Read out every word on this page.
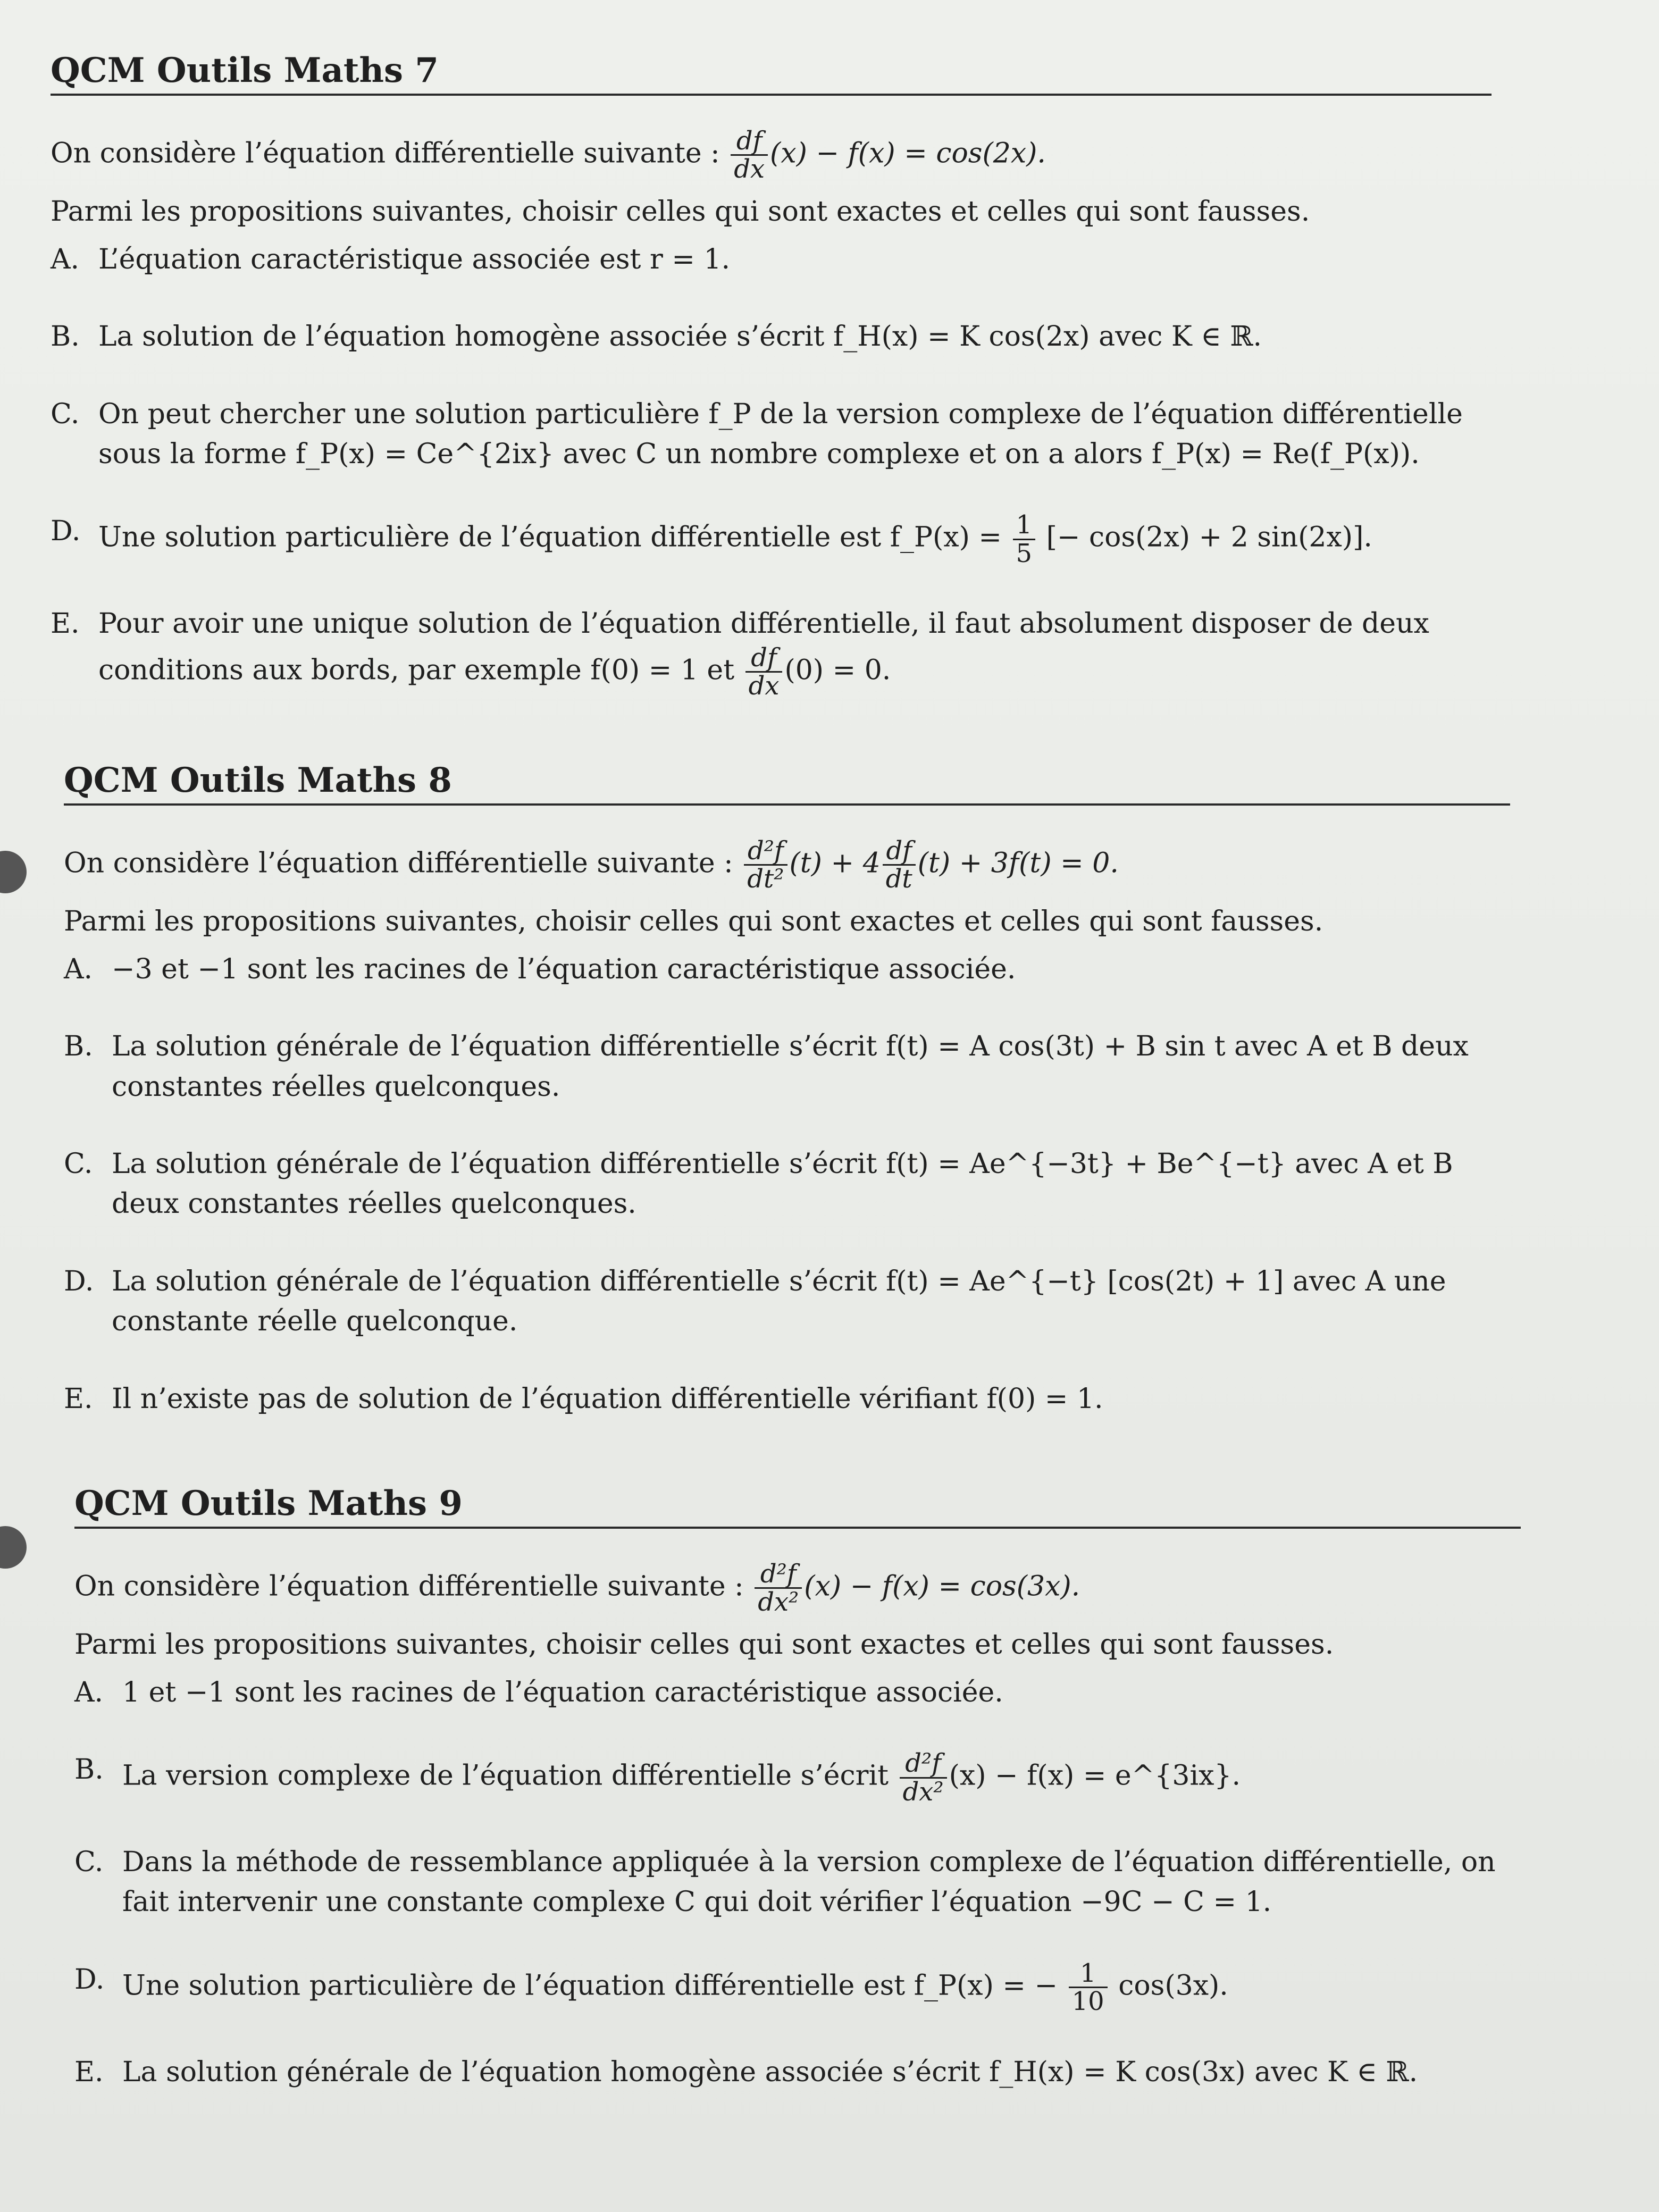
QCM Outils Maths 7
On considère l’équation différentielle suivante : $\frac{df}{dx} (x) - f(x) = \cos(2x)$.
Parmi les propositions suivantes, choisir celles qui sont exactes et celles qui sont fausses.
A. L’équation caractéristique associée est r = 1.
B. La solution de l’équation homogène associée s’écrit f_H(x) = K cos(2x) avec K ∈ ℝ.
C. On peut chercher une solution particulière f_P de la version complexe de l’équation différentielle sous la forme f_P(x) = Ce^{2ix} avec C un nombre complexe et on a alors f_P(x) = Re(f_P(x)).
D. Une solution particulière de l’équation différentielle est f_P(x) = $\frac{1}{5}$ [− cos(2x) + 2 sin(2x)].
E. Pour avoir une unique solution de l’équation différentielle, il faut absolument disposer de deux conditions aux bords, par exemple f(0) = 1 et $\frac{df}{dx} (0) = 0$.
QCM Outils Maths 8
On considère l’équation différentielle suivante : $\frac{\text{d²f}}{\text{dt²}} (t) + 4 \frac{df}{dt} (t) + 3f(t) = 0$.
Parmi les propositions suivantes, choisir celles qui sont exactes et celles qui sont fausses.
A. −3 et −1 sont les racines de l’équation caractéristique associée.
B. La solution générale de l’équation différentielle s’écrit f(t) = A cos(3t) + B sin t avec A et B deux constantes réelles quelconques.
C. La solution générale de l’équation différentielle s’écrit f(t) = Ae^{−3t} + Be^{−t} avec A et B deux constantes réelles quelconques.
D. La solution générale de l’équation différentielle s’écrit f(t) = Ae^{−t} [cos(2t) + 1] avec A une constante réelle quelconque.
E. Il n’existe pas de solution de l’équation différentielle vérifiant f(0) = 1.
QCM Outils Maths 9
On considère l’équation différentielle suivante : $\frac{\text{d²f}}{\text{dx²}} (x) - f(x) = \cos(3x)$.
Parmi les propositions suivantes, choisir celles qui sont exactes et celles qui sont fausses.
A. 1 et −1 sont les racines de l’équation caractéristique associée.
B. La version complexe de l’équation différentielle s’écrit $\frac{\text{d²f}}{\text{dx²}} (x) - f(x)$ = e^{3ix}.
C. Dans la méthode de ressemblance appliquée à la version complexe de l’équation différentielle, on fait intervenir une constante complexe C qui doit vérifier l’équation −9C − C = 1.
D. Une solution particulière de l’équation différentielle est f_P(x) = − $\frac{1}{10} \cos(3x)$.
E. La solution générale de l’équation homogène associée s’écrit f_H(x) = K cos(3x) avec K ∈ ℝ.
